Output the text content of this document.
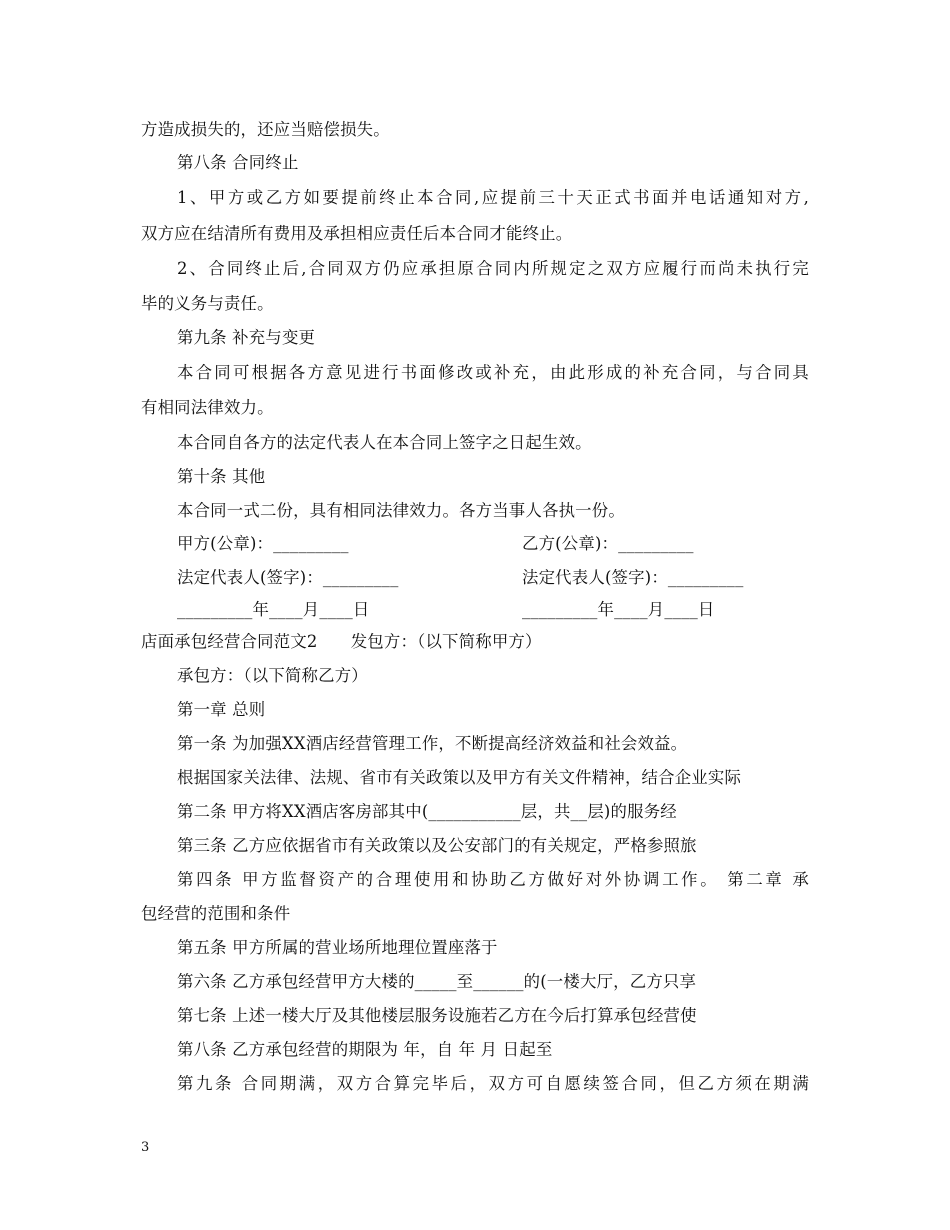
方造成损失的，还应当赔偿损失。
第八条 合同终止
1、甲方或乙方如要提前终止本合同,应提前三十天正式书面并电话通知对方,
双方应在结清所有费用及承担相应责任后本合同才能终止。
2、合同终止后,合同双方仍应承担原合同内所规定之双方应履行而尚未执行完
毕的义务与责任。
第九条 补充与变更
本合同可根据各方意见进行书面修改或补充，由此形成的补充合同，与合同具
有相同法律效力。
本合同自各方的法定代表人在本合同上签字之日起生效。
第十条 其他
本合同一式二份，具有相同法律效力。各方当事人各执一份。
甲方(公章)：_________	乙方(公章)：_________
法定代表人(签字)：_________	法定代表人(签字)：_________
_________年____月____日	_________年____月____日
店面承包经营合同范文2　　发包方：（以下简称甲方）
承包方：（以下简称乙方）
第一章 总则
第一条 为加强XX酒店经营管理工作，不断提高经济效益和社会效益。
根据国家关法律、法规、省市有关政策以及甲方有关文件精神，结合企业实际
第二条 甲方将XX酒店客房部其中(___________层，共__层)的服务经
第三条 乙方应依据省市有关政策以及公安部门的有关规定，严格参照旅
第四条 甲方监督资产的合理使用和协助乙方做好对外协调工作。 第二章 承
包经营的范围和条件
第五条 甲方所属的营业场所地理位置座落于
第六条 乙方承包经营甲方大楼的_____至______的(一楼大厅，乙方只享
第七条 上述一楼大厅及其他楼层服务设施若乙方在今后打算承包经营使
第八条 乙方承包经营的期限为 年，自 年 月 日起至
第九条 合同期满，双方合算完毕后，双方可自愿续签合同，但乙方须在期满
3
